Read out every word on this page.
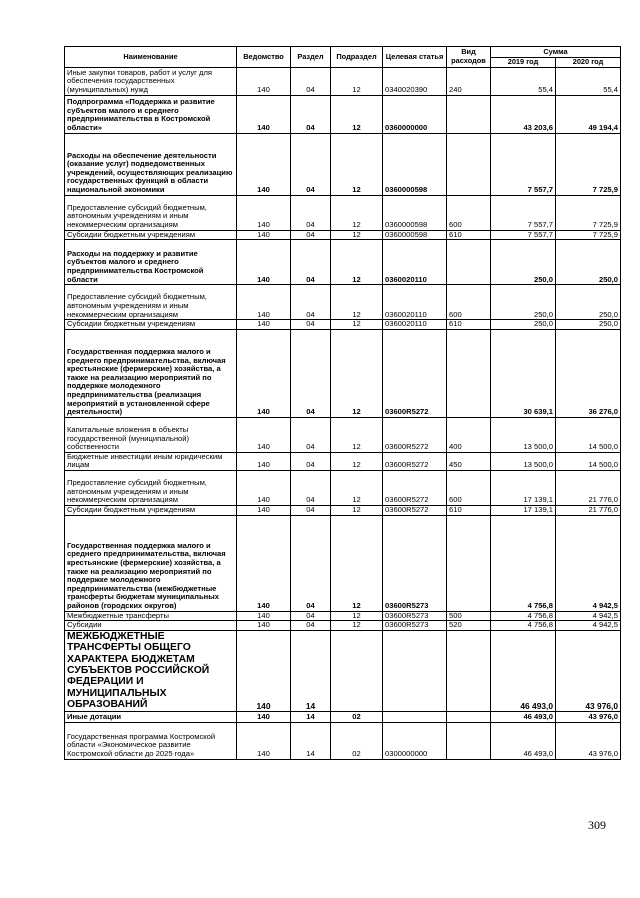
Наименование	Ведомство	Раздел	Подраздел	Целевая статья	Вид расходов	Сумма	
						2019 год	2020 год
Иные закупки товаров, работ и услуг для обеспечения государственных (муниципальных) нужд	140	04	12	0340020390	240	55,4	55,4
Подпрограмма «Поддержка и развитие субъектов малого и среднего предпринимательства в Костромской области»	140	04	12	0360000000		43 203,6	49 194,4
Расходы на обеспечение деятельности (оказание услуг) подведомственных учреждений, осуществляющих реализацию государственных функций в области национальной экономики	140	04	12	0360000598		7 557,7	7 725,9
Предоставление субсидий бюджетным, автономным учреждениям и иным некоммерческим организациям	140	04	12	0360000598	600	7 557,7	7 725,9
Субсидии бюджетным учреждениям	140	04	12	0360000598	610	7 557,7	7 725,9
Расходы на поддержку и развитие субъектов малого и среднего предпринимательства Костромской области	140	04	12	0360020110		250,0	250,0
Предоставление субсидий бюджетным, автономным учреждениям и иным некоммерческим организациям	140	04	12	0360020110	600	250,0	250,0
Субсидии бюджетным учреждениям	140	04	12	0360020110	610	250,0	250,0
Государственная поддержка малого и среднего предпринимательства, включая крестьянские (фермерские) хозяйства, а также на реализацию мероприятий по поддержке молодежного предпринимательства (реализация мероприятий в установленной сфере деятельности)	140	04	12	03600R5272		30 639,1	36 276,0
Капитальные вложения в объекты государственной (муниципальной) собственности	140	04	12	03600R5272	400	13 500,0	14 500,0
Бюджетные инвестиции иным юридическим лицам	140	04	12	03600R5272	450	13 500,0	14 500,0
Предоставление субсидий бюджетным, автономным учреждениям и иным некоммерческим организациям	140	04	12	03600R5272	600	17 139,1	21 776,0
Субсидии бюджетным учреждениям	140	04	12	03600R5272	610	17 139,1	21 776,0
Государственная поддержка малого и среднего предпринимательства, включая крестьянские (фермерские) хозяйства, а также на реализацию мероприятий по поддержке молодежного предпринимательства (межбюджетные трансферты бюджетам муниципальных районов (городских округов)	140	04	12	03600R5273		4 756,8	4 942,5
Межбюджетные трансферты	140	04	12	03600R5273	500	4 756,8	4 942,5
Субсидии	140	04	12	03600R5273	520	4 756,8	4 942,5
МЕЖБЮДЖЕТНЫЕ ТРАНСФЕРТЫ ОБЩЕГО ХАРАКТЕРА БЮДЖЕТАМ СУБЪЕКТОВ РОССИЙСКОЙ ФЕДЕРАЦИИ И МУНИЦИПАЛЬНЫХ ОБРАЗОВАНИЙ	140	14				46 493,0	43 976,0
Иные дотации	140	14	02			46 493,0	43 976,0
Государственная программа Костромской области «Экономическое развитие Костромской области до 2025 года»	140	14	02	0300000000		46 493,0	43 976,0
309
